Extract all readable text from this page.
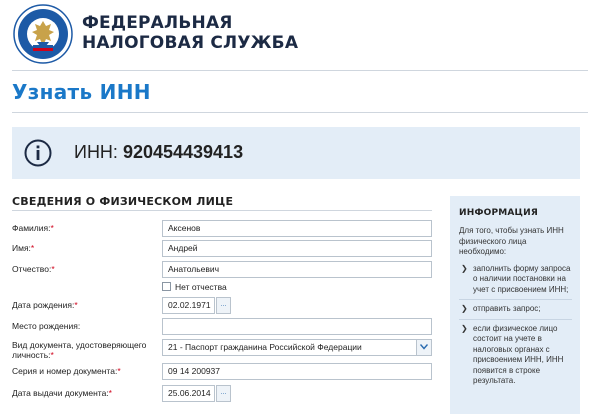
ФЕДЕРАЛЬНАЯ
НАЛОГОВАЯ СЛУЖБА
Узнать ИНН
ИНН: 920454439413
СВЕДЕНИЯ О ФИЗИЧЕСКОМ ЛИЦЕ
Фамилия:*	Аксенов
Имя:*	Андрей
Отчество:*	Анатольевич
Нет отчества
Дата рождения:*	02.02.1971	...
Место рождения:
Вид документа, удостоверяющего
личность:*
21 - Паспорт гражданина Российской Федерации
Серия и номер документа:*	09 14 200937
Дата выдачи документа:*	25.06.2014	...
ИНФОРМАЦИЯ
Для того, чтобы узнать ИНН физического лица необходимо:
❯ заполнить форму запроса о наличии постановки на учет с присвоением ИНН;
❯ отправить запрос;
❯ если физическое лицо состоит на учете в налоговых органах с присвоением ИНН, ИНН появится в строке результата.
